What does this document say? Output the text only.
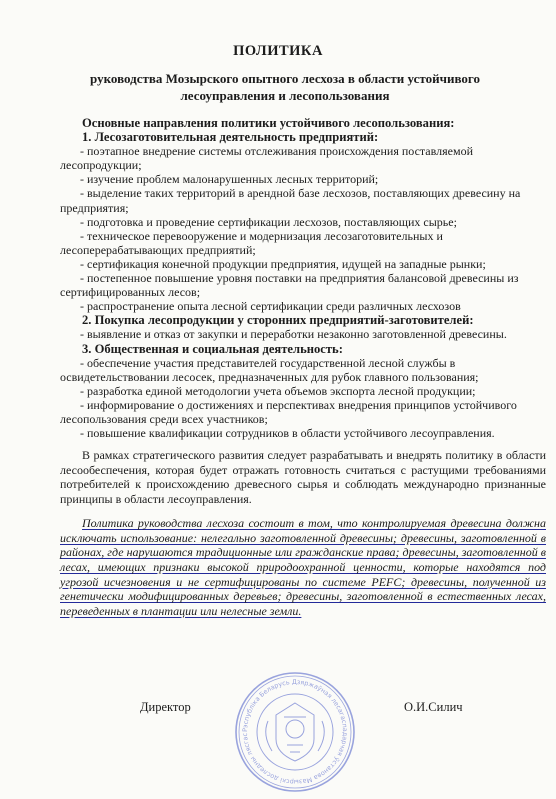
ПОЛИТИКА
руководства Мозырского опытного лесхоза в области устойчивого
лесоуправления и лесопользования
Основные направления политики устойчивого лесопользования:
1. Лесозаготовительная деятельность предприятий:
- поэтапное внедрение системы отслеживания происхождения поставляемой лесопродукции;
- изучение проблем малонарушенных лесных территорий;
- выделение таких территорий в арендной базе лесхозов, поставляющих древесину на предприятия;
- подготовка и проведение сертификации лесхозов, поставляющих сырье;
- техническое перевооружение и модернизация лесозаготовительных и лесоперерабатывающих предприятий;
- сертификация конечной продукции предприятия, идущей на западные рынки;
- постепенное повышение уровня поставки на предприятия балансовой древесины из сертифицированных лесов;
- распространение опыта лесной сертификации среди различных лесхозов
2. Покупка лесопродукции у сторонних предприятий-заготовителей:
- выявление и отказ от закупки и переработки незаконно заготовленной древесины.
3. Общественная и социальная деятельность:
- обеспечение участия представителей государственной лесной службы в освидетельствовании лесосек, предназначенных для рубок главного пользования;
- разработка единой методологии учета объемов экспорта лесной продукции;
- информирование о достижениях и перспективах внедрения принципов устойчивого лесопользования среди всех участников;
- повышение квалификации сотрудников в области устойчивого лесоуправления.
В рамках стратегического развития следует разрабатывать и внедрять политику в области лесообеспечения, которая будет отражать готовность считаться с растущими требованиями потребителей к происхождению древесного сырья и соблюдать международно признанные принципы в области лесоуправления.
Политика руководства лесхоза состоит в том, что контролируемая древесина должна исключать использование: нелегально заготовленной древесины; древесины, заготовленной в районах, где нарушаются традиционные или гражданские права; древесины, заготовленной в лесах, имеющих признаки высокой природоохранной ценности, которые находятся под угрозой исчезновения и не сертифицированы по системе PEFC; древесины, полученной из генетически модифицированных деревьев; древесины, заготовленной в естественных лесах, переведенных в плантации или нелесные земли.
Директор	О.И.Силич
Рэспубліка Беларусь Дзяржаўная лесагаспадарчая ўстанова Мазырскі доследны лясгас
